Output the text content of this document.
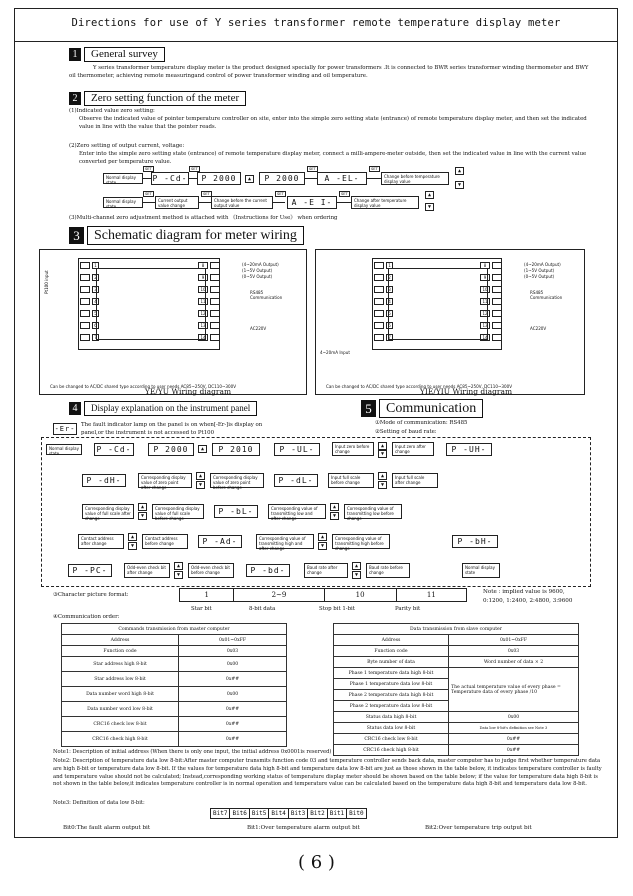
Directions for use of Y series transformer remote temperature display meter
1	General survey
Y series transformer temperature display meter is the product designed specially for power transformers .It is connected to BWR series transformer winding thermometer and BWY oil thermometer, achieving remote measuringand control of power transformer winding and oil temperature.
2	Zero setting function of the meter
(1)Indicated value zero setting:
Observe the indicated value of pointer temperature controller on site, enter into the simple zero setting state (entrance) of remote temperature display meter, and then set the indicated value in line with the value that the pointer reads.
(2)Zero setting of output current, voltage:
Enter into the simple zero setting state (entrance) of remote temperature display meter, connect a milli-ampere-meter outside, then set the indicated value in line with the current value converted per temperature value.
Normal display state	P -Cd-
SET
P 2000
SET
▲	P 2000
SET
A -EL-
SET
Change before temperature display value
▲
▼
Normal display state
SET
Current output value change
SET
Change before the current output value
SET
A -E I-
SET
Change after temperature display value
▲
▼
(3)Multi-channel zero adjustment method is attached with 《Instructions for Use》 when ordering
3	Schematic diagram for meter wiring
Pt100 input
Can be changed to AC/DC shared type according to user needs AC85~250V, DC110~300V
YE/YU Wiring diagram
(4~20mA Output)
(1~5V Output)
(0~5V Output)
RS485 Communication
AC220V
1
2
3
4
5
6
7
8
9
10
11
12
13
14
4~20mA Input
Can be changed to AC/DC shared type according to user needs AC85~250V, DC110~300V
YIE/YIU Wiring diagram
(4~20mA Output)
(1~5V Output)
(0~5V Output)
RS485 Communication
AC220V
1
2
3
4
5
6
7
8
9
10
11
12
13
14
4	Display explanation on the instrument panel
-Er- The fault indicator lamp on the panel is on when[-Er-]is display on panel,or the instrument is not accessed to Pt100
5	Communication
①Mode of communication: RS485
②Setting of baud rate:
Normal display state	P -Cd-	P 2000	▲	P 2010	P -UL-	Input zero before change
▲
▼
Input zero after change	P -UH-
P -dH-	Corresponding display value of zero point after change
▲
▼
Corresponding display value of zero point before change
P -dL-	Input full scale before change
▲
▼
Input full scale after change
Corresponding display value of full scale after change
▲
▼
Corresponding display value of full scale before change
P -bL-	Corresponding value of transmitting low and after change
▲
▼
Corresponding value of transmitting low before change
Contact address after change
▲
▼
Contact address before change	P -Ad-	Corresponding value of transmitting high and after change
▲
▼
Corresponding value of transmitting high before change
P -bH-
P -PC-	Odd-even check bit after change
▲
▼
Odd-even check bit before change	P -bd-	Baud rate after change
▲
▼
Baud rate before change
Normal display state
③Character picture format:	1	2~9	10	11
Star bit	8-bit data	Stop bit 1-bit	Parity bit
Note : implied value is 9600,
0:1200, 1:2400, 2:4800, 3:9600
④Communication order:
Commands transmission from master computer	
Address	0x01~0xFF
Function code	0x03
Star address high 8-bit	0x00
Star address low 8-bit	0x##
Data number word high 8-bit	0x00
Data number word low 8-bit	0x##
CRC16 check low 8-bit	0x##
CRC16 check high 8-bit	0x##
Data transmission from slave computer	
Address	0x01~0xFF
Function code	0x03
Byte number of data	Word number of data × 2
Phase 1 temperature data high 8-bit	The actual temperature value of every phase = Temperature data of every phase /10
Phase 1 temperature data low 8-bit	
Phase 2 temperature data high 8-bit	
Phase 2 temperature data low 8-bit	
Status data high 8-bit	0x00
Status data low 8-bit	Data low 8-bit's definition see Note 3
CRC16 check low 8-bit	0x##
CRC16 check high 8-bit	0x##
Note1: Description of initial address (When there is only one input, the initial address 0x0001is reserved)
Note2: Description of temperature data low 8-bit:After master computer transmits function code 03 and temperature controller sends back data, master computer has to judge first whether temperature data are high 8-bit or temperature data low 8-bit. If the values for temperature data high 8-bit and temperature data low 8-bit are just as those shown in the table below, it indicates temperature controller is faulty and temperature value should not be calculated; Instead,corresponding working status of temperature display meter should be shown based on the table below; if the value for temperature data high 8-bit is not shown in the table below,it indicates temperature controller is in normal operation and temperature value can be calculated based on the temperature data high 8-bit and temperature data low 8-bit.
Note3: Definition of data low 8-bit:
Bit7 Bit6 Bit5 Bit4 Bit3 Bit2 Bit1 Bit0
Bit0:The fault alarm output bit	Bit1:Over temperature alarm output bit	Bit2:Over temperature trip output bit
( 6 )
